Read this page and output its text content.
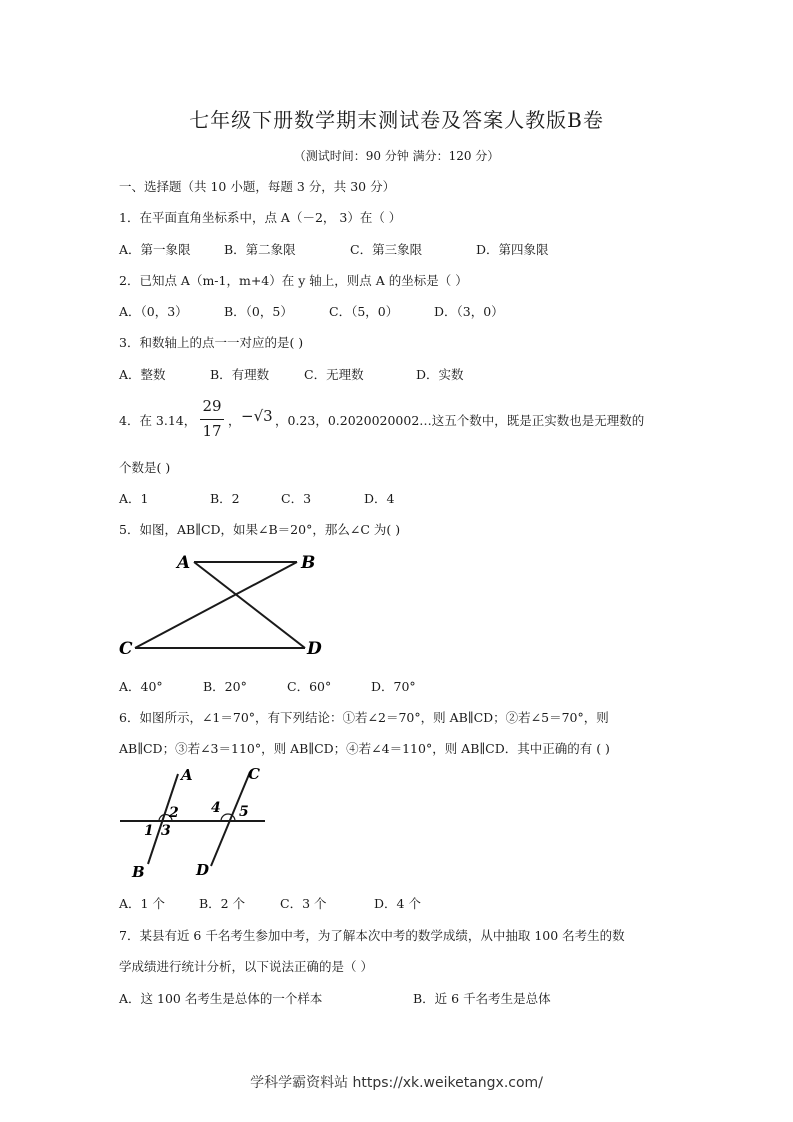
七年级下册数学期末测试卷及答案人教版B卷
（测试时间：90 分钟 满分：120 分）
一、选择题（共 10 小题，每题 3 分，共 30 分）
1．在平面直角坐标系中，点 A（－2， 3）在（ ）
A．第一象限	B．第二象限	C．第三象限	D．第四象限
2．已知点 A（m-1，m+4）在 y 轴上，则点 A 的坐标是（ ）
A．（0，3）	B．（0，5）	C．（5，0）	D．（3，0）
3．和数轴上的点一一对应的是( )
A．整数	B．有理数	C．无理数	D．实数
4．在 3.14，
29
17
， −√3 ，0.23，0.2020020002…这五个数中，既是正实数也是无理数的
个数是( )
A．1	B．2	C．3	D．4
5．如图，AB∥CD，如果∠B＝20°，那么∠C 为( )
A	B
C	D
A．40°	B．20°	C．60°	D．70°
6．如图所示，∠1＝70°，有下列结论：①若∠2＝70°，则 AB∥CD；②若∠5＝70°，则
AB∥CD；③若∠3＝110°，则 AB∥CD；④若∠4＝110°，则 AB∥CD．其中正确的有 ( )
A
B
C
D
1
2
3
4 5
A．1 个	B．2 个	C．3 个	D．4 个
7．某县有近 6 千名考生参加中考，为了解本次中考的数学成绩，从中抽取 100 名考生的数
学成绩进行统计分析，以下说法正确的是（ ）
A．这 100 名考生是总体的一个样本	B．近 6 千名考生是总体
学科学霸资料站 https://xk.weiketangx.com/
